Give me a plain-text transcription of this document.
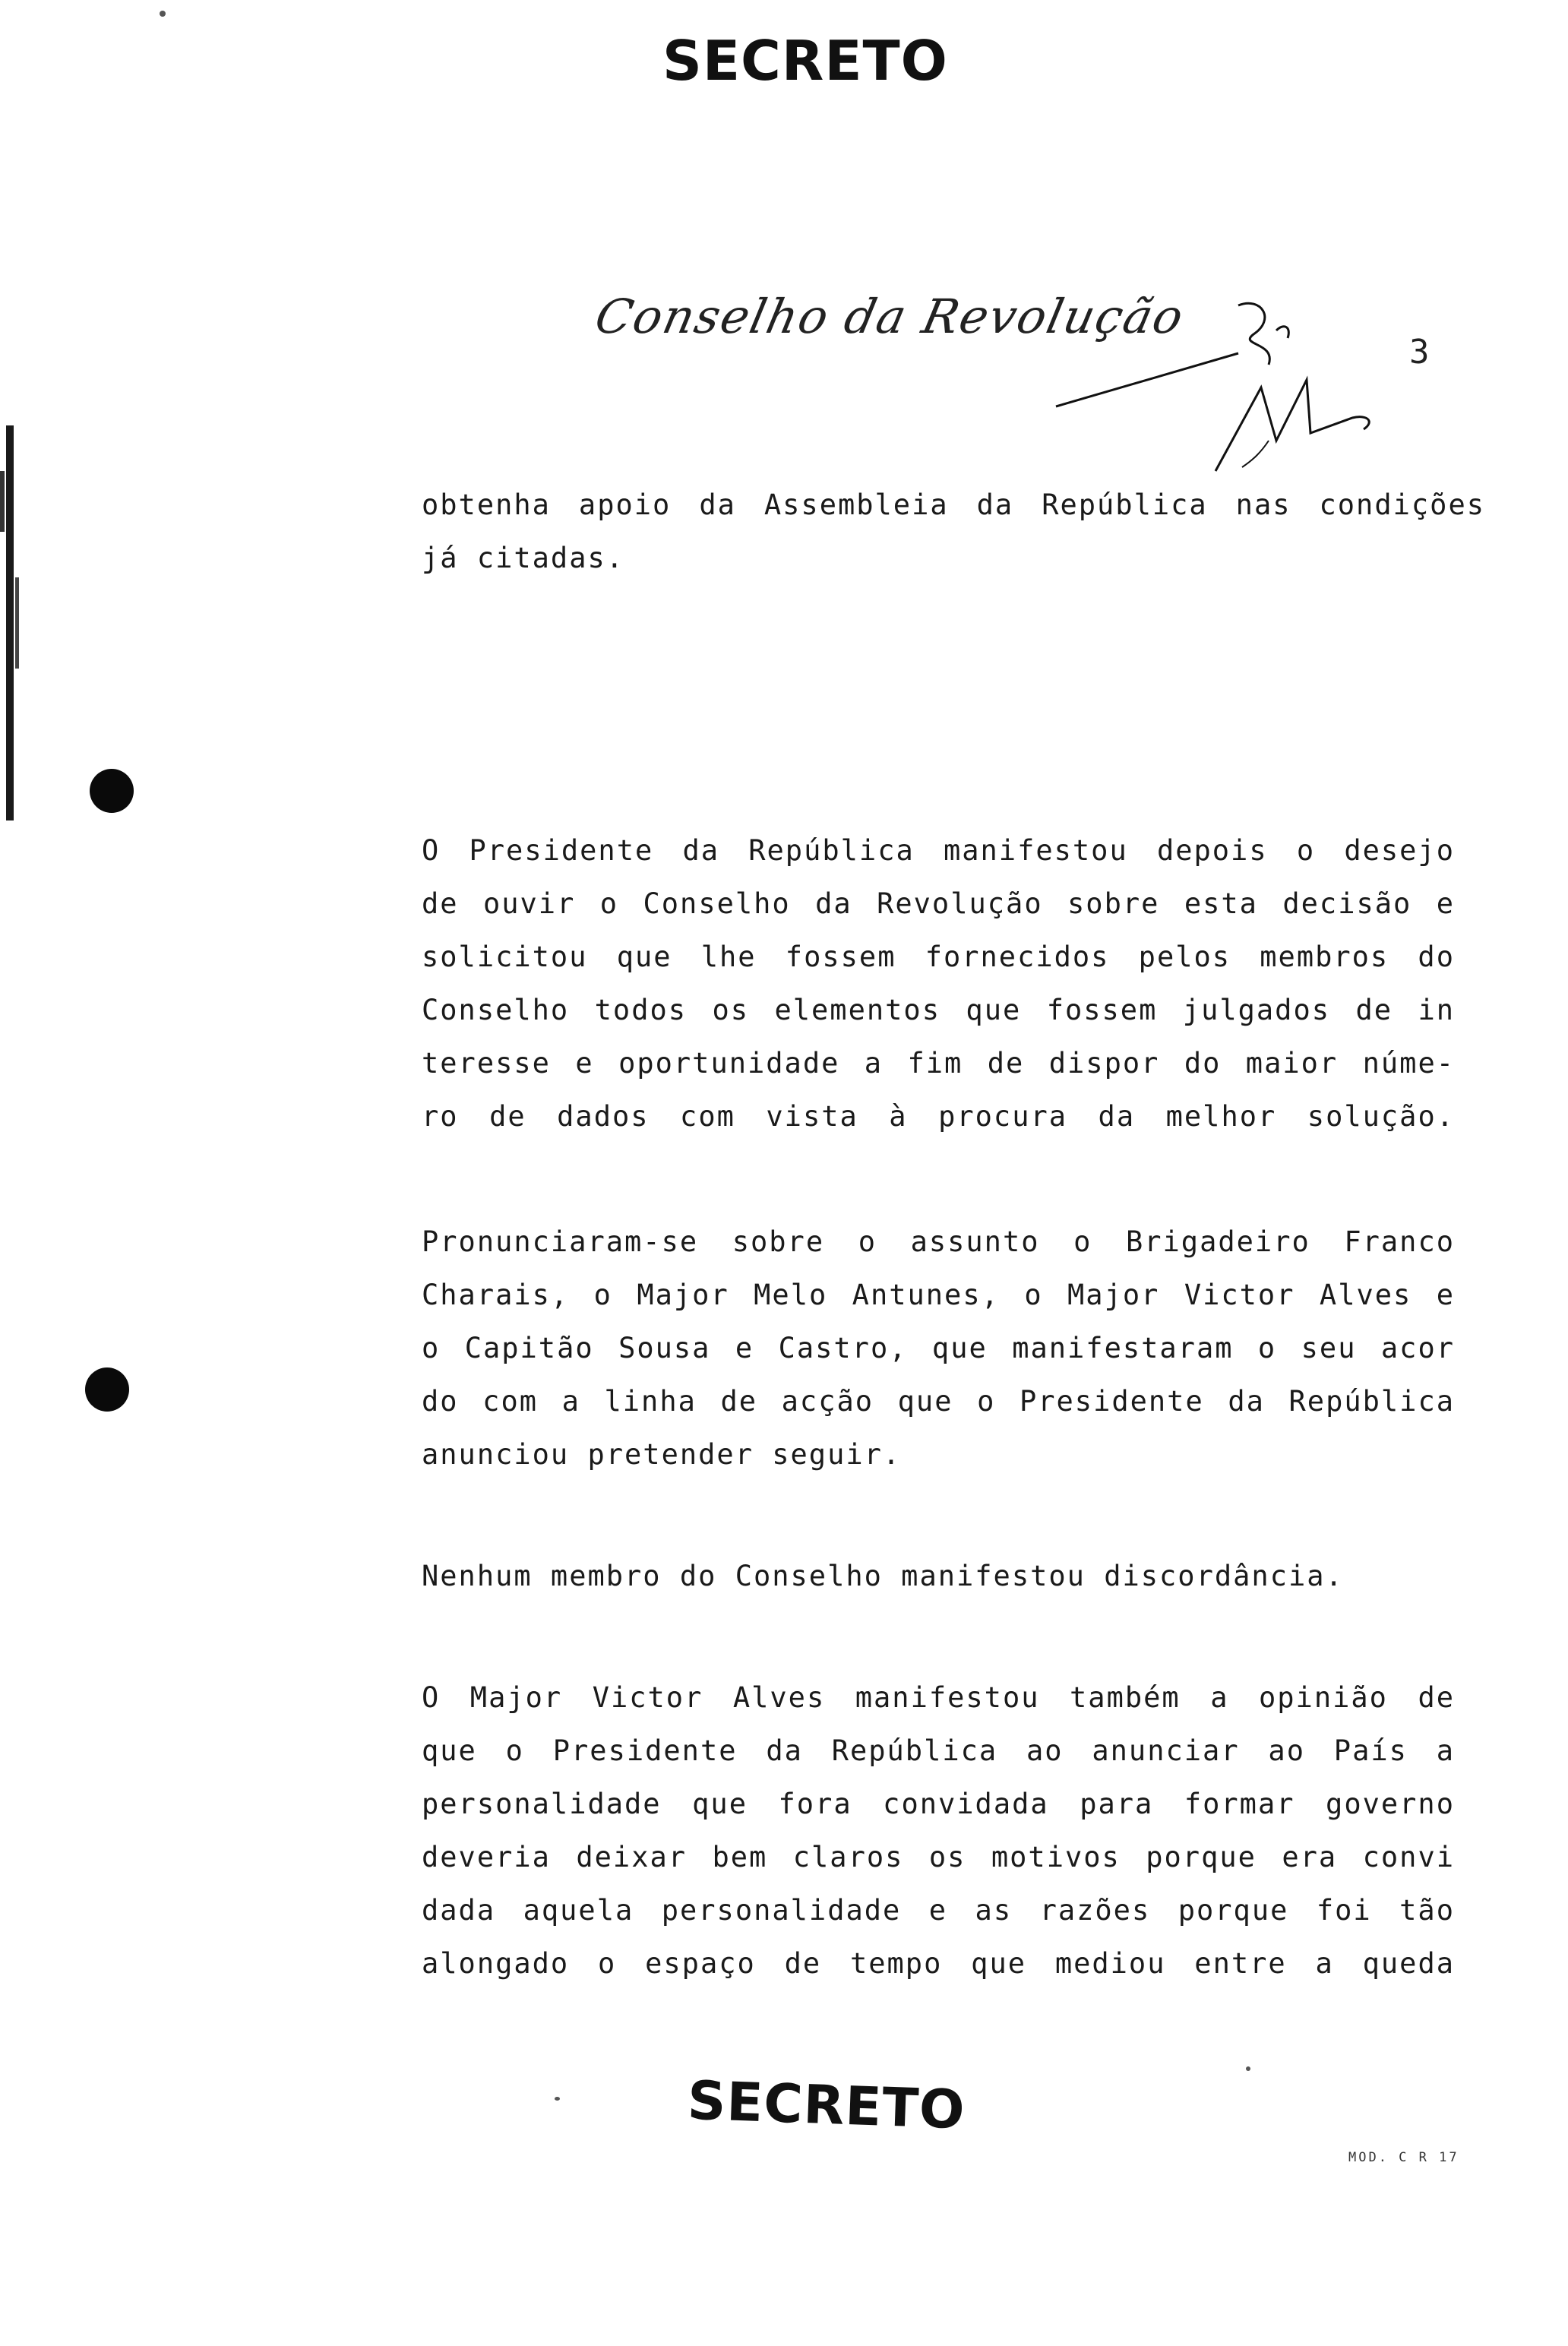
SECRETO
Conselho da Revolução
3
obtenha apoio da Assembleia da República nas condições
já citadas.
O Presidente da República manifestou depois o desejo
de ouvir o Conselho da Revolução sobre esta decisão e
solicitou que lhe fossem fornecidos pelos membros do
Conselho todos os elementos que fossem julgados de in
teresse e oportunidade a fim de dispor do maior núme-
ro de dados com vista à procura da melhor solução.
Pronunciaram-se sobre o assunto o Brigadeiro Franco
Charais, o Major Melo Antunes, o Major Victor Alves e
o Capitão Sousa e Castro, que manifestaram o seu acor
do com a linha de acção que o Presidente da República
anunciou pretender seguir.
Nenhum membro do Conselho manifestou discordância.
O Major Victor Alves manifestou também a opinião de
que o Presidente da República ao anunciar ao País a
personalidade que fora convidada para formar governo
deveria deixar bem claros os motivos porque era convi
dada aquela personalidade e as razões porque foi tão
alongado o espaço de tempo que mediou entre a queda
SECRETO
MOD. C R 17
